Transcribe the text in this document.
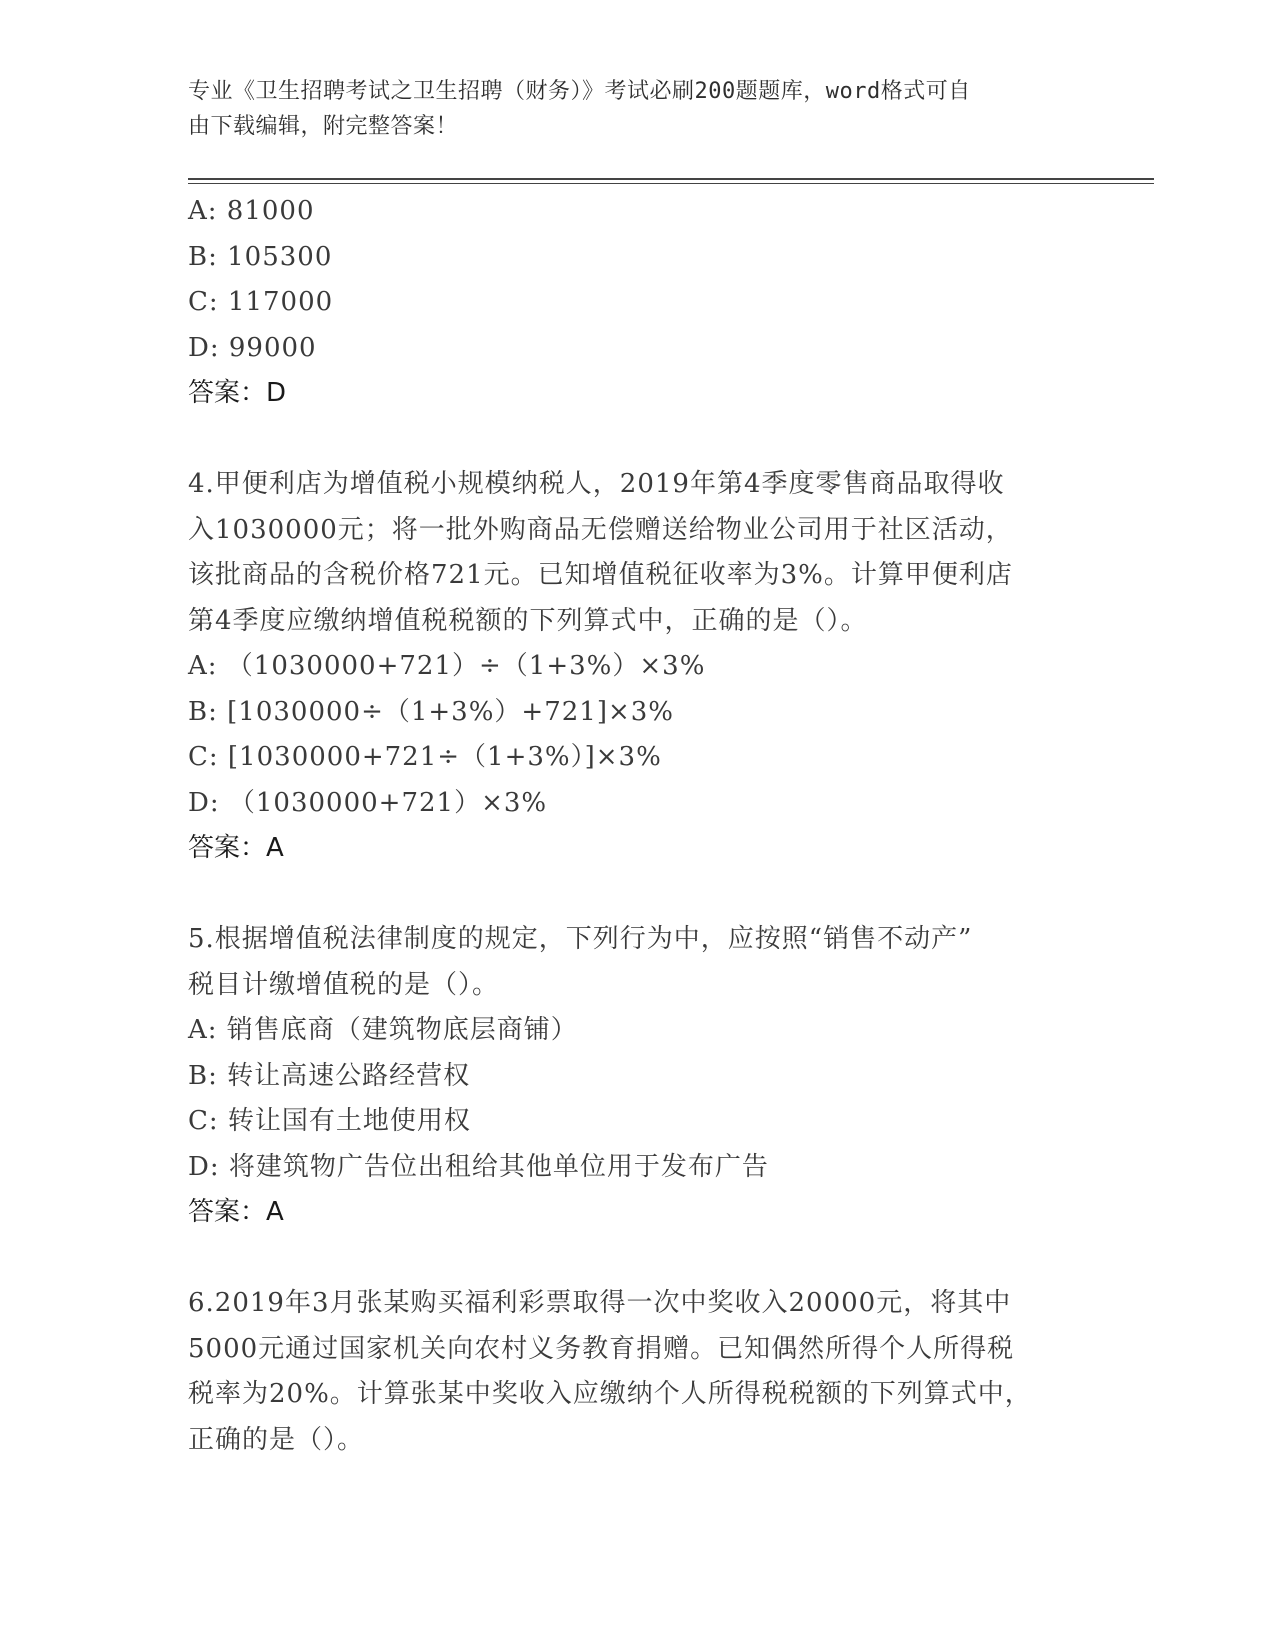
专业《卫生招聘考试之卫生招聘（财务）》考试必刷200题题库，word格式可自
由下载编辑，附完整答案！
A: 81000
B: 105300
C: 117000
D: 99000
答案：D
4.甲便利店为增值税小规模纳税人，2019年第4季度零售商品取得收
入1030000元；将一批外购商品无偿赠送给物业公司用于社区活动，
该批商品的含税价格721元。已知增值税征收率为3%。计算甲便利店
第4季度应缴纳增值税税额的下列算式中，正确的是（）。
A: （1030000+721）÷（1+3%）×3%
B: [1030000÷（1+3%）+721]×3%
C: [1030000+721÷（1+3%）]×3%
D: （1030000+721）×3%
答案：A
5.根据增值税法律制度的规定，下列行为中，应按照“销售不动产”
税目计缴增值税的是（）。
A: 销售底商（建筑物底层商铺）
B: 转让高速公路经营权
C: 转让国有土地使用权
D: 将建筑物广告位出租给其他单位用于发布广告
答案：A
6.2019年3月张某购买福利彩票取得一次中奖收入20000元，将其中
5000元通过国家机关向农村义务教育捐赠。已知偶然所得个人所得税
税率为20%。计算张某中奖收入应缴纳个人所得税税额的下列算式中，
正确的是（）。
